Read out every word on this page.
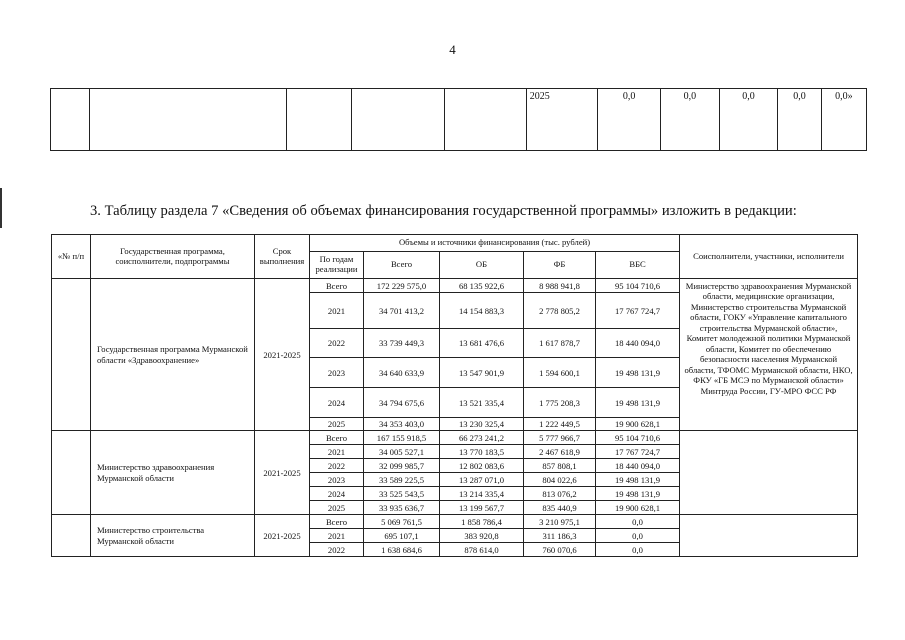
4
					2025	0,0	0,0	0,0	0,0	0,0»
3. Таблицу раздела 7 «Сведения об объемах финансирования государственной программы» изложить в редакции:
«№ п/п	Государственная программа, соисполнители, подпрограммы	Срок выполнения	Объемы и источники финансирования (тыс. рублей)					Соисполнители, участники, исполнители
			По годам реализации	Всего	ОБ	ФБ	ВБС	
	Государственная программа Мурманской области «Здравоохранение»	2021-2025	Всего	172 229 575,0	68 135 922,6	8 988 941,8	95 104 710,6	Министерство здравоохранения Мурманской области, медицинские организации, Министерство строительства Мурманской области, ГОКУ «Управление капитального строительства Мурманской области», Комитет молодежной политики Мурманской области, Комитет по обеспечению безопасности населения Мурманской области, ТФОМС Мурманской области, НКО, ФКУ «ГБ МСЭ по Мурманской области» Минтруда России, ГУ-МРО ФСС РФ
			2021	34 701 413,2	14 154 883,3	2 778 805,2	17 767 724,7	
			2022	33 739 449,3	13 681 476,6	1 617 878,7	18 440 094,0	
			2023	34 640 633,9	13 547 901,9	1 594 600,1	19 498 131,9	
			2024	34 794 675,6	13 521 335,4	1 775 208,3	19 498 131,9	
			2025	34 353 403,0	13 230 325,4	1 222 449,5	19 900 628,1	
	Министерство здравоохранения Мурманской области	2021-2025	Всего	167 155 918,5	66 273 241,2	5 777 966,7	95 104 710,6	
			2021	34 005 527,1	13 770 183,5	2 467 618,9	17 767 724,7	
			2022	32 099 985,7	12 802 083,6	857 808,1	18 440 094,0	
			2023	33 589 225,5	13 287 071,0	804 022,6	19 498 131,9	
			2024	33 525 543,5	13 214 335,4	813 076,2	19 498 131,9	
			2025	33 935 636,7	13 199 567,7	835 440,9	19 900 628,1	
	Министерство строительства Мурманской области	2021-2025	Всего	5 069 761,5	1 858 786,4	3 210 975,1	0,0	
			2021	695 107,1	383 920,8	311 186,3	0,0	
			2022	1 638 684,6	878 614,0	760 070,6	0,0	
